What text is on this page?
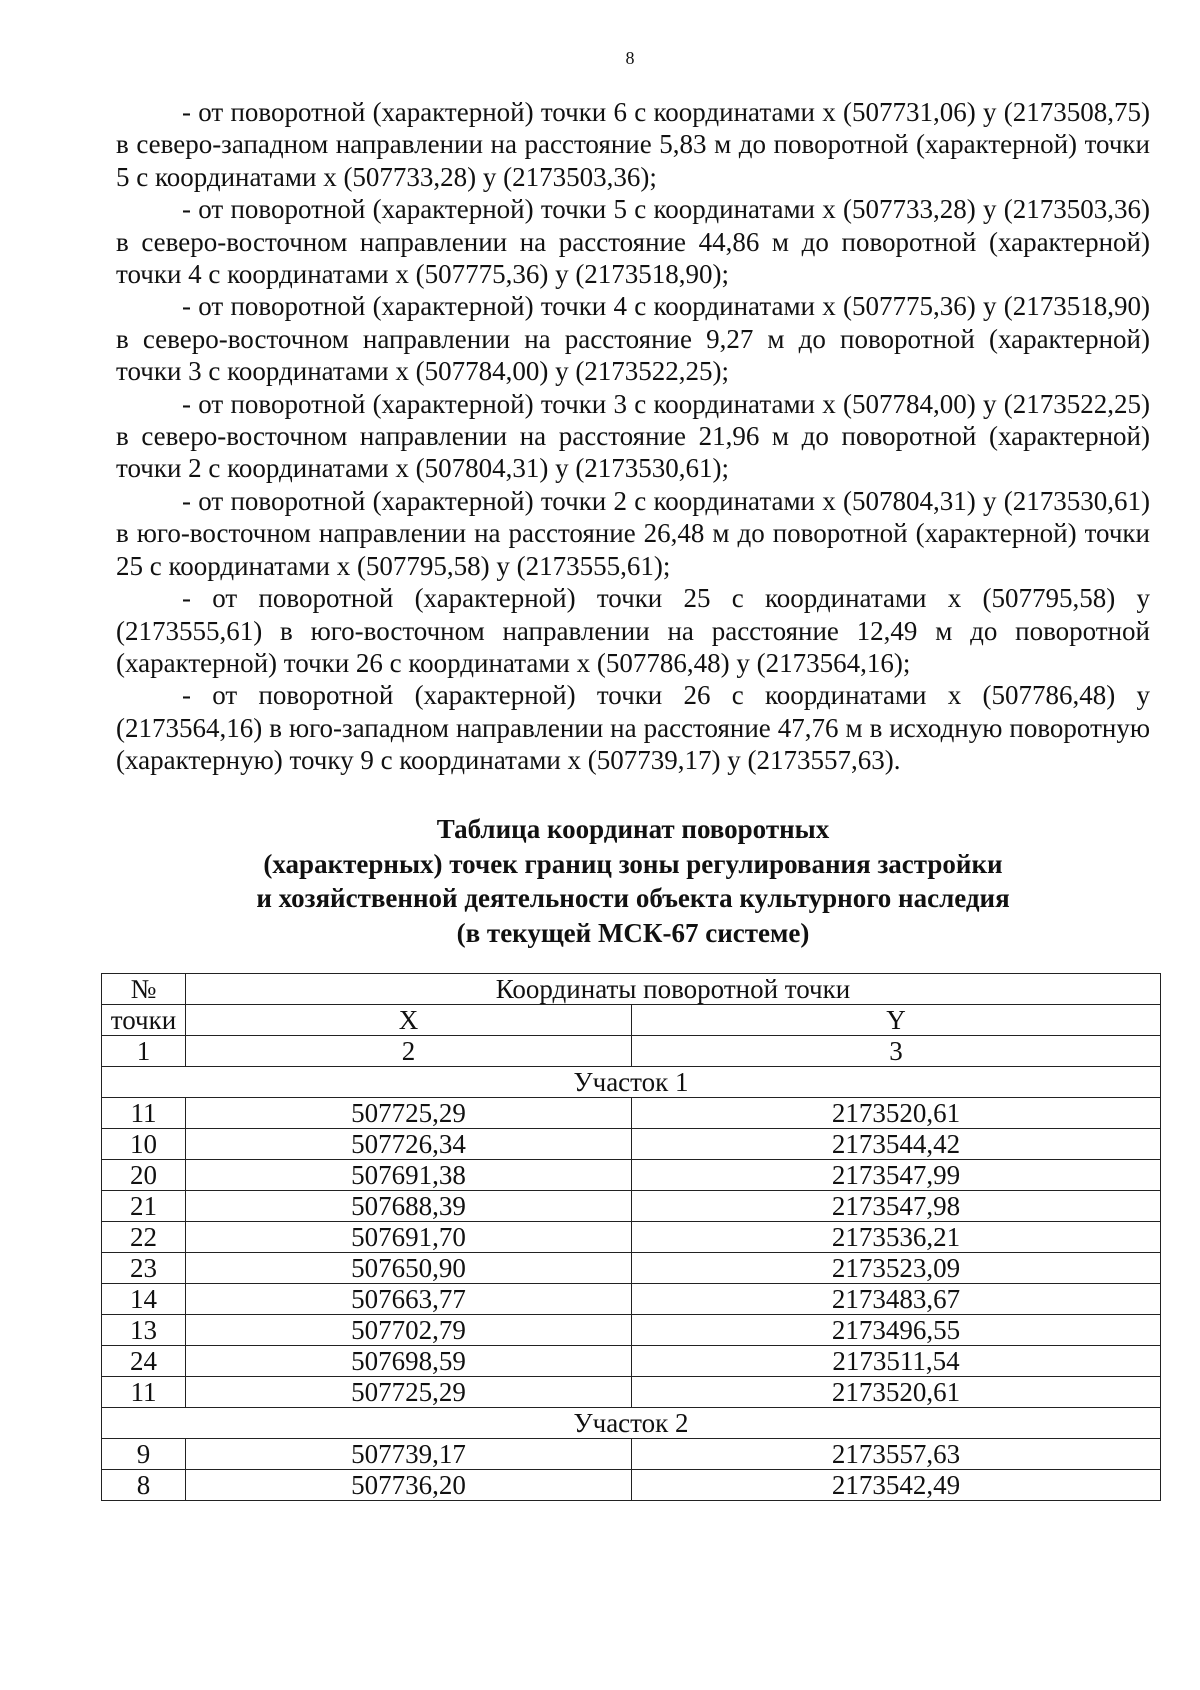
8

- от поворотной (характерной) точки 6 с координатами х (507731,06) у (2173508,75) в северо-западном направлении на расстояние 5,83 м до поворотной (характерной) точки 5 с координатами х (507733,28) у (2173503,36);

- от поворотной (характерной) точки 5 с координатами х (507733,28) у (2173503,36) в северо-восточном направлении на расстояние 44,86 м до поворотной (характерной) точки 4 с координатами х (507775,36) у (2173518,90);

- от поворотной (характерной) точки 4 с координатами х (507775,36) у (2173518,90) в северо-восточном направлении на расстояние 9,27 м до поворотной (характерной) точки 3 с координатами х (507784,00) у (2173522,25);

- от поворотной (характерной) точки 3 с координатами х (507784,00) у (2173522,25) в северо-восточном направлении на расстояние 21,96 м до поворотной (характерной) точки 2 с координатами х (507804,31) у (2173530,61);

- от поворотной (характерной) точки 2 с координатами х (507804,31) у (2173530,61) в юго-восточном направлении на расстояние 26,48 м до поворотной (характерной) точки 25 с координатами х (507795,58) у (2173555,61);

- от поворотной (характерной) точки 25 с координатами х (507795,58) у (2173555,61) в юго-восточном направлении на расстояние 12,49 м до поворотной (характерной) точки 26 с координатами х (507786,48) у (2173564,16);

- от поворотной (характерной) точки 26 с координатами х (507786,48) у (2173564,16) в юго-западном направлении на расстояние 47,76 м в исходную поворотную (характерную) точку 9 с координатами х (507739,17) у (2173557,63).

Таблица координат поворотных
(характерных) точек границ зоны регулирования застройки
и хозяйственной деятельности объекта культурного наследия
(в текущей МСК-67 системе)
№	Координаты поворотной точки	
точки	X	Y
1	2	3
Участок 1		
11	507725,29	2173520,61
10	507726,34	2173544,42
20	507691,38	2173547,99
21	507688,39	2173547,98
22	507691,70	2173536,21
23	507650,90	2173523,09
14	507663,77	2173483,67
13	507702,79	2173496,55
24	507698,59	2173511,54
11	507725,29	2173520,61
Участок 2		
9	507739,17	2173557,63
8	507736,20	2173542,49
